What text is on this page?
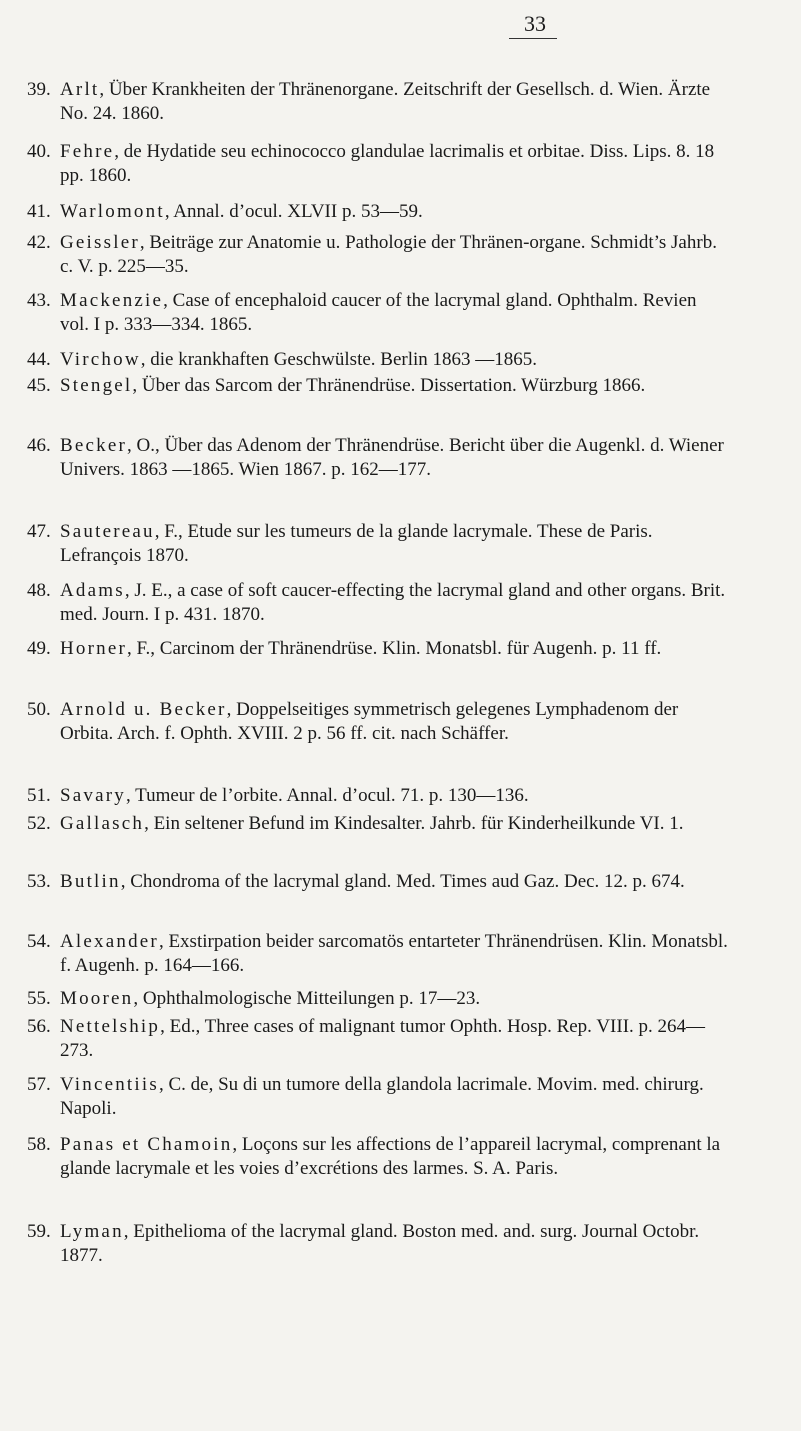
33
39. Arlt, Über Krankheiten der Thränenorgane. Zeitschrift der Gesellsch. d. Wien. Ärzte No. 24. 1860.
40. Fehre, de Hydatide seu echinococco glandulae lacrimalis et orbitae. Diss. Lips. 8. 18 pp. 1860.
41. Warlomont, Annal. d’ocul. XLVII p. 53—59.
42. Geissler, Beiträge zur Anatomie u. Pathologie der Thränen-organe. Schmidt’s Jahrb. c. V. p. 225—35.
43. Mackenzie, Case of encephaloid caucer of the lacrymal gland. Ophthalm. Revien vol. I p. 333—334. 1865.
44. Virchow, die krankhaften Geschwülste. Berlin 1863 —1865.
45. Stengel, Über das Sarcom der Thränendrüse. Dissertation. Würzburg 1866.
46. Becker, O., Über das Adenom der Thränendrüse. Bericht über die Augenkl. d. Wiener Univers. 1863 —1865. Wien 1867. p. 162—177.
47. Sautereau, F., Etude sur les tumeurs de la glande lacrymale. These de Paris. Lefrançois 1870.
48. Adams, J. E., a case of soft caucer-effecting the lacrymal gland and other organs. Brit. med. Journ. I p. 431. 1870.
49. Horner, F., Carcinom der Thränendrüse. Klin. Monatsbl. für Augenh. p. 11 ff.
50. Arnold u. Becker, Doppelseitiges symmetrisch gelegenes Lymphadenom der Orbita. Arch. f. Ophth. XVIII. 2 p. 56 ff. cit. nach Schäffer.
51. Savary, Tumeur de l’orbite. Annal. d’ocul. 71. p. 130—136.
52. Gallasch, Ein seltener Befund im Kindesalter. Jahrb. für Kinderheilkunde VI. 1.
53. Butlin, Chondroma of the lacrymal gland. Med. Times aud Gaz. Dec. 12. p. 674.
54. Alexander, Exstirpation beider sarcomatös entarteter Thränendrüsen. Klin. Monatsbl. f. Augenh. p. 164—166.
55. Mooren, Ophthalmologische Mitteilungen p. 17—23.
56. Nettelship, Ed., Three cases of malignant tumor Ophth. Hosp. Rep. VIII. p. 264—273.
57. Vincentiis, C. de, Su di un tumore della glandola lacrimale. Movim. med. chirurg. Napoli.
58. Panas et Chamoin, Loçons sur les affections de l’appareil lacrymal, comprenant la glande lacrymale et les voies d’excrétions des larmes. S. A. Paris.
59. Lyman, Epithelioma of the lacrymal gland. Boston med. and. surg. Journal Octobr. 1877.
